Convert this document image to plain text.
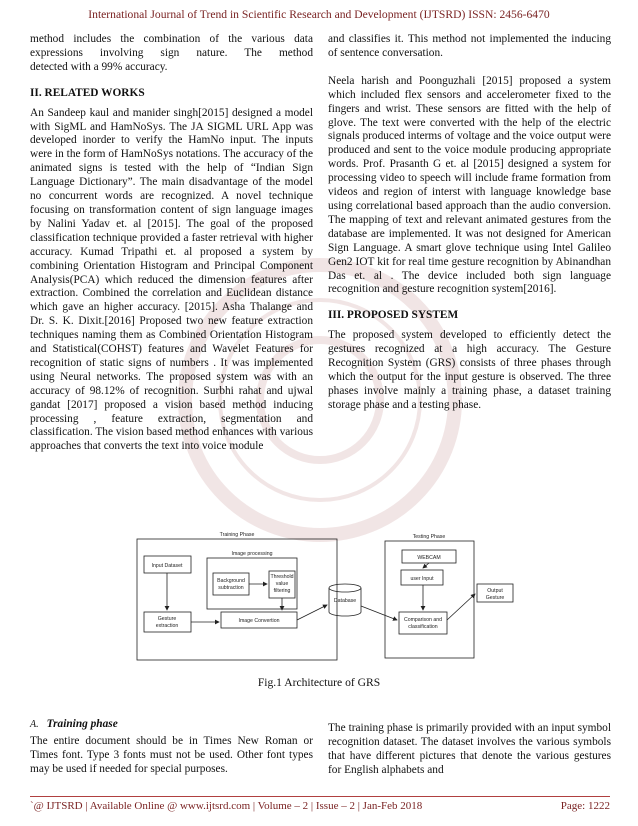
International Journal of Trend in Scientific Research and Development (IJTSRD) ISSN: 2456-6470

method includes the combination of the various data

expressions involving sign nature. The method

detected with a 99% accuracy.

II. RELATED WORKS

An Sandeep kaul and manider singh[2015] designed a model with SigML and HamNoSys. The JA SIGML URL App was developed inorder to verify the HamNo input. The inputs were in the form of HamNoSys notations. The accuracy of the animated signs is tested with the help of “Indian Sign Language Dictionary”. The main disadvantage of the model no concurrent words are recognized. A novel technique focusing on transformation content of sign language images by Nalini Yadav et. al [2015]. The goal of the proposed classification technique provided a faster retrieval with higher accuracy. Kumad Tripathi et. al proposed a system by combining Orientation Histogram and Principal Component Analysis(PCA) which reduced the dimension features after extraction. Combined the correlation and Euclidean distance which gave an higher accuracy. [2015]. Asha Thalange and Dr. S. K. Dixit.[2016] Proposed two new feature extraction techniques naming them as Combined Orientation Histogram and Statistical(COHST) features and Wavelet Features for recognition of static signs of numbers . It was implemented using Neural networks. The proposed system was with an accuracy of 98.12% of recognition. Surbhi rahat and ujwal gandat [2017] proposed a vision based method inducing processing , feature extraction, segmentation and classification. The vision based method enhances with various approaches that converts the text into voice module

and classifies it. This method not implemented the inducing of sentence conversation.

Neela harish and Poonguzhali [2015] proposed a system which included flex sensors and accelerometer fixed to the fingers and wrist. These sensors are fitted with the help of glove. The text were converted with the help of the electric signals produced interms of voltage and the voice output were produced and sent to the voice module producing appropriate words. Prof. Prasanth G et. al [2015] designed a system for processing video to speech will include frame formation from videos and region of interst with language knowledge base using correlational based approach than the audio conversion. The mapping of text and relevant animated gestures from the database are implemented. It was not designed for American Sign Language. A smart glove technique using Intel Galileo Gen2 IOT kit for real time gesture recognition by Abinandhan Das et. al . The device included both sign language recognition and gesture recognition system[2016].

III. PROPOSED SYSTEM

The proposed system developed to efficiently detect the gestures recognized at a high accuracy. The Gesture Recognition System (GRS) consists of three phases through which the output for the input gesture is observed. The three phases involve mainly a training phase, a dataset training storage phase and a testing phase.

Training Phase
Image processing
Input Dataset
Background
subtraction
Threshold
value
filtering
Gesture
extraction
Image Convertion
Database
Testing Phase
WEBCAM
user Input
Comparison and
classification
Output
Gesture
Fig.1 Architecture of GRS

A. Training phase

The entire document should be in Times New Roman or Times font. Type 3 fonts must not be used. Other font types may be used if needed for special purposes.

The training phase is primarily provided with an input symbol recognition dataset. The dataset involves the various symbols that have different pictures that denote the various gestures for English alphabets and

`@ IJTSRD | Available Online @ www.ijtsrd.com | Volume – 2 | Issue – 2 | Jan-Feb 2018	Page: 1222
